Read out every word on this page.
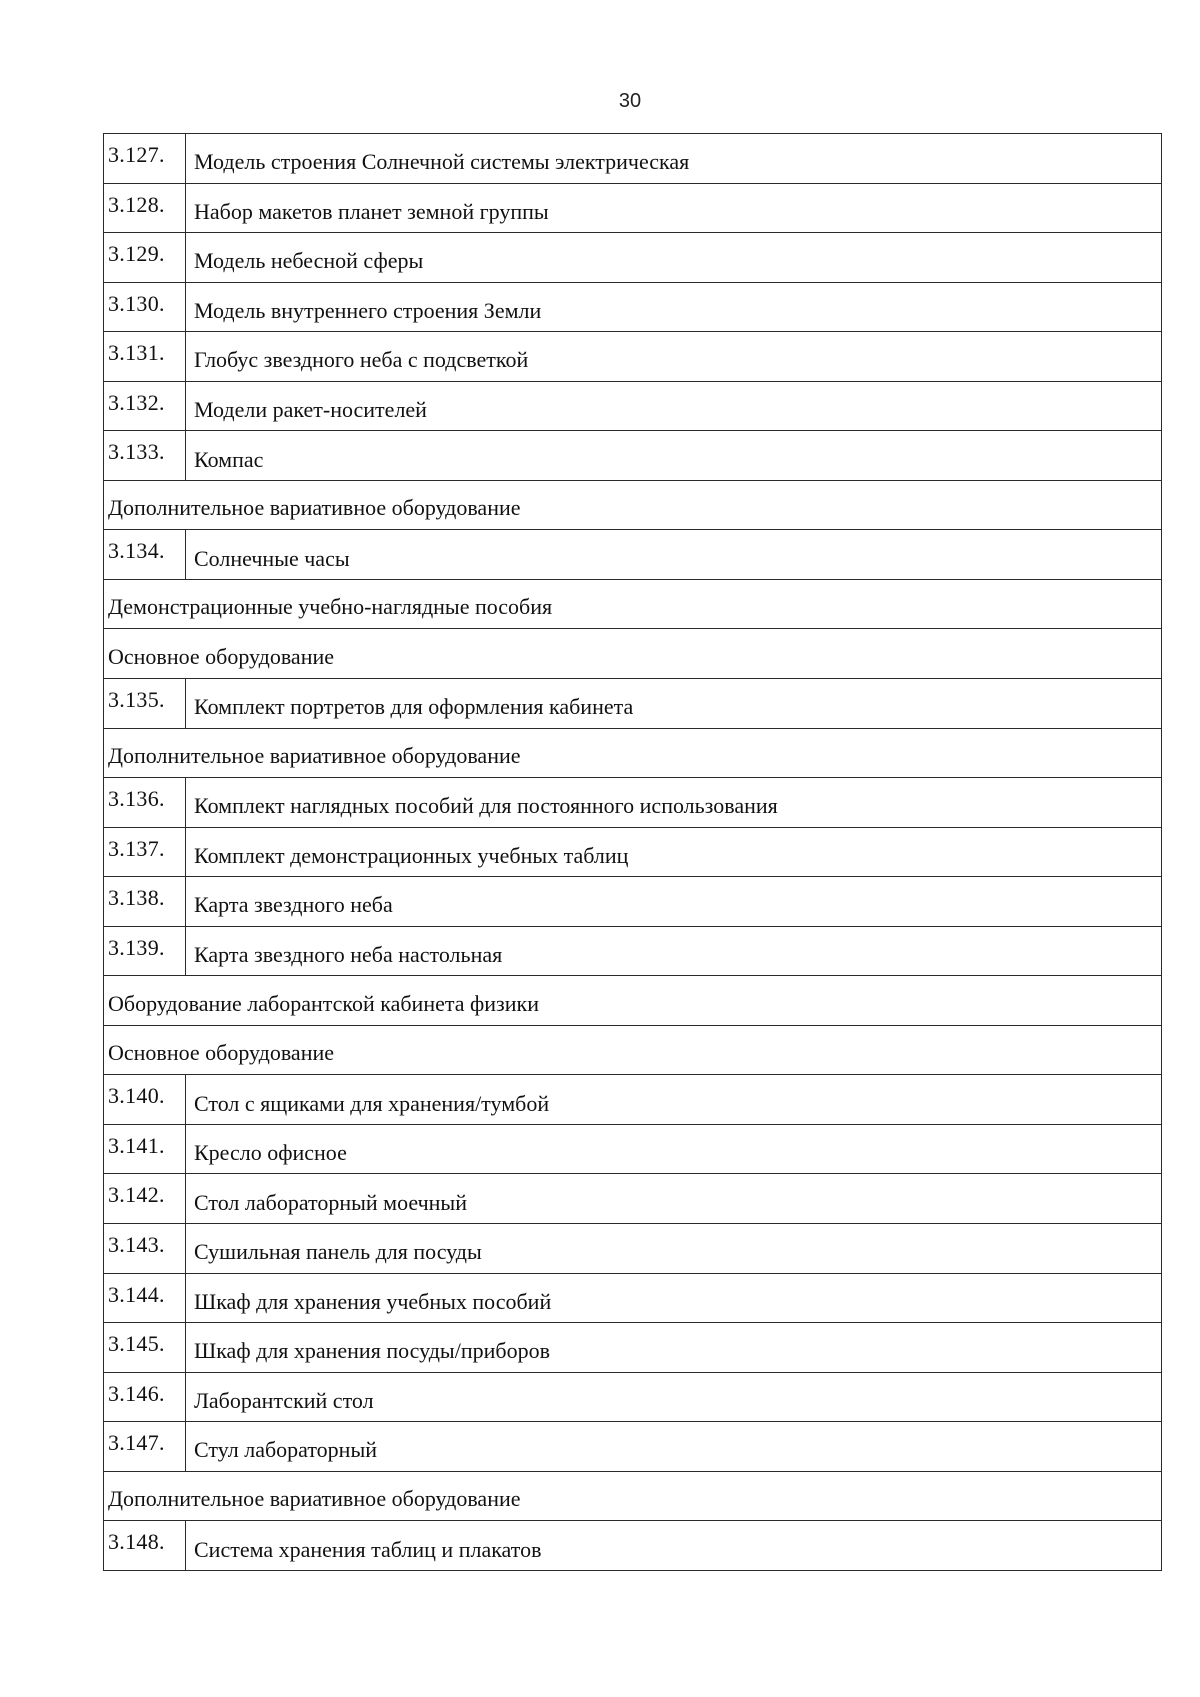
30
3.127.	Модель строения Солнечной системы электрическая
3.128.	Набор макетов планет земной группы
3.129.	Модель небесной сферы
3.130.	Модель внутреннего строения Земли
3.131.	Глобус звездного неба с подсветкой
3.132.	Модели ракет-носителей
3.133.	Компас
Дополнительное вариативное оборудование	
3.134.	Солнечные часы
Демонстрационные учебно-наглядные пособия	
Основное оборудование	
3.135.	Комплект портретов для оформления кабинета
Дополнительное вариативное оборудование	
3.136.	Комплект наглядных пособий для постоянного использования
3.137.	Комплект демонстрационных учебных таблиц
3.138.	Карта звездного неба
3.139.	Карта звездного неба настольная
Оборудование лаборантской кабинета физики	
Основное оборудование	
3.140.	Стол с ящиками для хранения/тумбой
3.141.	Кресло офисное
3.142.	Стол лабораторный моечный
3.143.	Сушильная панель для посуды
3.144.	Шкаф для хранения учебных пособий
3.145.	Шкаф для хранения посуды/приборов
3.146.	Лаборантский стол
3.147.	Стул лабораторный
Дополнительное вариативное оборудование	
3.148.	Система хранения таблиц и плакатов
